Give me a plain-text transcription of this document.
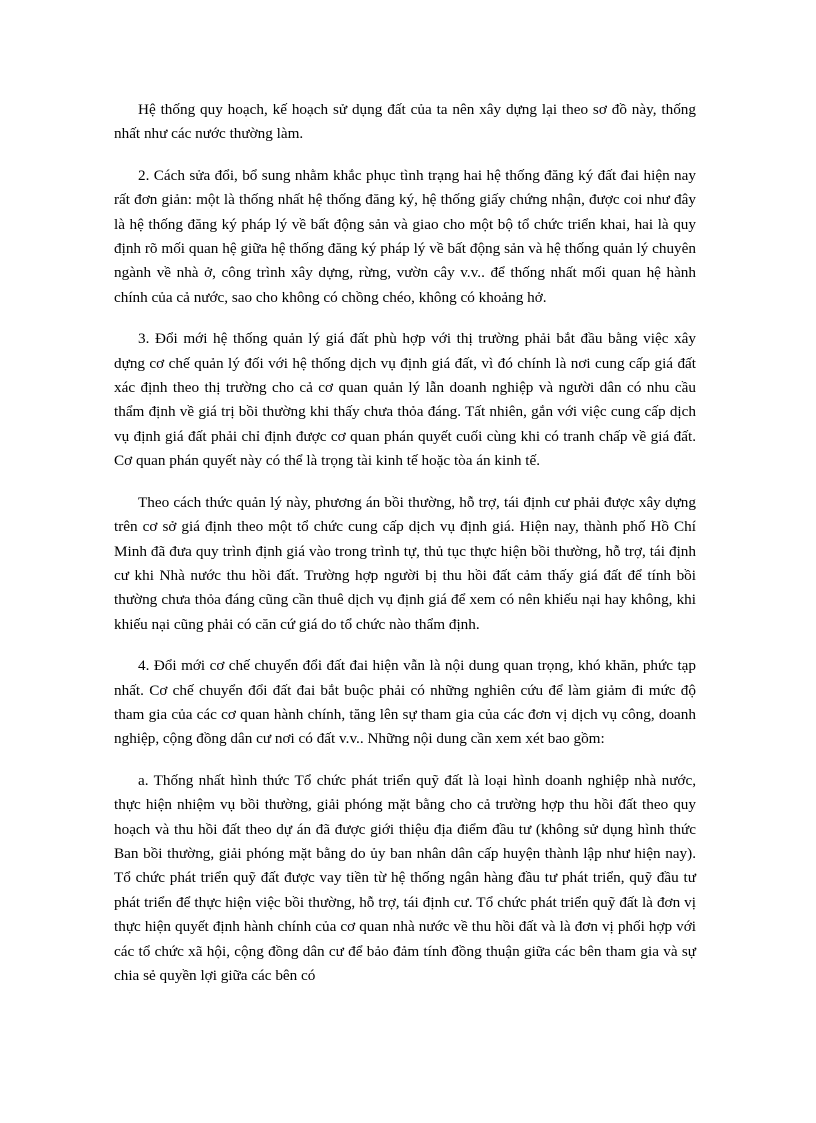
Hệ thống quy hoạch, kế hoạch sử dụng đất của ta nên xây dựng lại theo sơ đồ này, thống nhất như các nước thường làm.

2. Cách sửa đổi, bổ sung nhằm khắc phục tình trạng hai hệ thống đăng ký đất đai hiện nay rất đơn giản: một là thống nhất hệ thống đăng ký, hệ thống giấy chứng nhận, được coi như đây là hệ thống đăng ký pháp lý về bất động sản và giao cho một bộ tổ chức triển khai, hai là quy định rõ mối quan hệ giữa hệ thống đăng ký pháp lý về bất động sản và hệ thống quản lý chuyên ngành về nhà ở, công trình xây dựng, rừng, vườn cây v.v.. để thống nhất mối quan hệ hành chính của cả nước, sao cho không có chồng chéo, không có khoảng hở.

3. Đổi mới hệ thống quản lý giá đất phù hợp với thị trường phải bắt đầu bằng việc xây dựng cơ chế quản lý đối với hệ thống dịch vụ định giá đất, vì đó chính là nơi cung cấp giá đất xác định theo thị trường cho cả cơ quan quản lý lẫn doanh nghiệp và người dân có nhu cầu thẩm định về giá trị bồi thường khi thấy chưa thỏa đáng. Tất nhiên, gắn với việc cung cấp dịch vụ định giá đất phải chỉ định được cơ quan phán quyết cuối cùng khi có tranh chấp về giá đất. Cơ quan phán quyết này có thể là trọng tài kinh tế hoặc tòa án kinh tế.

Theo cách thức quản lý này, phương án bồi thường, hỗ trợ, tái định cư phải được xây dựng trên cơ sở giá định theo một tổ chức cung cấp dịch vụ định giá. Hiện nay, thành phố Hồ Chí Minh đã đưa quy trình định giá vào trong trình tự, thủ tục thực hiện bồi thường, hỗ trợ, tái định cư khi Nhà nước thu hồi đất. Trường hợp người bị thu hồi đất cảm thấy giá đất để tính bồi thường chưa thỏa đáng cũng cần thuê dịch vụ định giá để xem có nên khiếu nại hay không, khi khiếu nại cũng phải có căn cứ giá do tổ chức nào thẩm định.

4. Đổi mới cơ chế chuyển đổi đất đai hiện vẫn là nội dung quan trọng, khó khăn, phức tạp nhất. Cơ chế chuyển đổi đất đai bắt buộc phải có những nghiên cứu để làm giảm đi mức độ tham gia của các cơ quan hành chính, tăng lên sự tham gia của các đơn vị dịch vụ công, doanh nghiệp, cộng đồng dân cư nơi có đất v.v.. Những nội dung cần xem xét bao gồm:

a. Thống nhất hình thức Tổ chức phát triển quỹ đất là loại hình doanh nghiệp nhà nước, thực hiện nhiệm vụ bồi thường, giải phóng mặt bằng cho cả trường hợp thu hồi đất theo quy hoạch và thu hồi đất theo dự án đã được giới thiệu địa điểm đầu tư (không sử dụng hình thức Ban bồi thường, giải phóng mặt bằng do ủy ban nhân dân cấp huyện thành lập như hiện nay). Tổ chức phát triển quỹ đất được vay tiền từ hệ thống ngân hàng đầu tư phát triển, quỹ đầu tư phát triển để thực hiện việc bồi thường, hỗ trợ, tái định cư. Tổ chức phát triển quỹ đất là đơn vị thực hiện quyết định hành chính của cơ quan nhà nước về thu hồi đất và là đơn vị phối hợp với các tổ chức xã hội, cộng đồng dân cư để bảo đảm tính đồng thuận giữa các bên tham gia và sự chia sẻ quyền lợi giữa các bên có
